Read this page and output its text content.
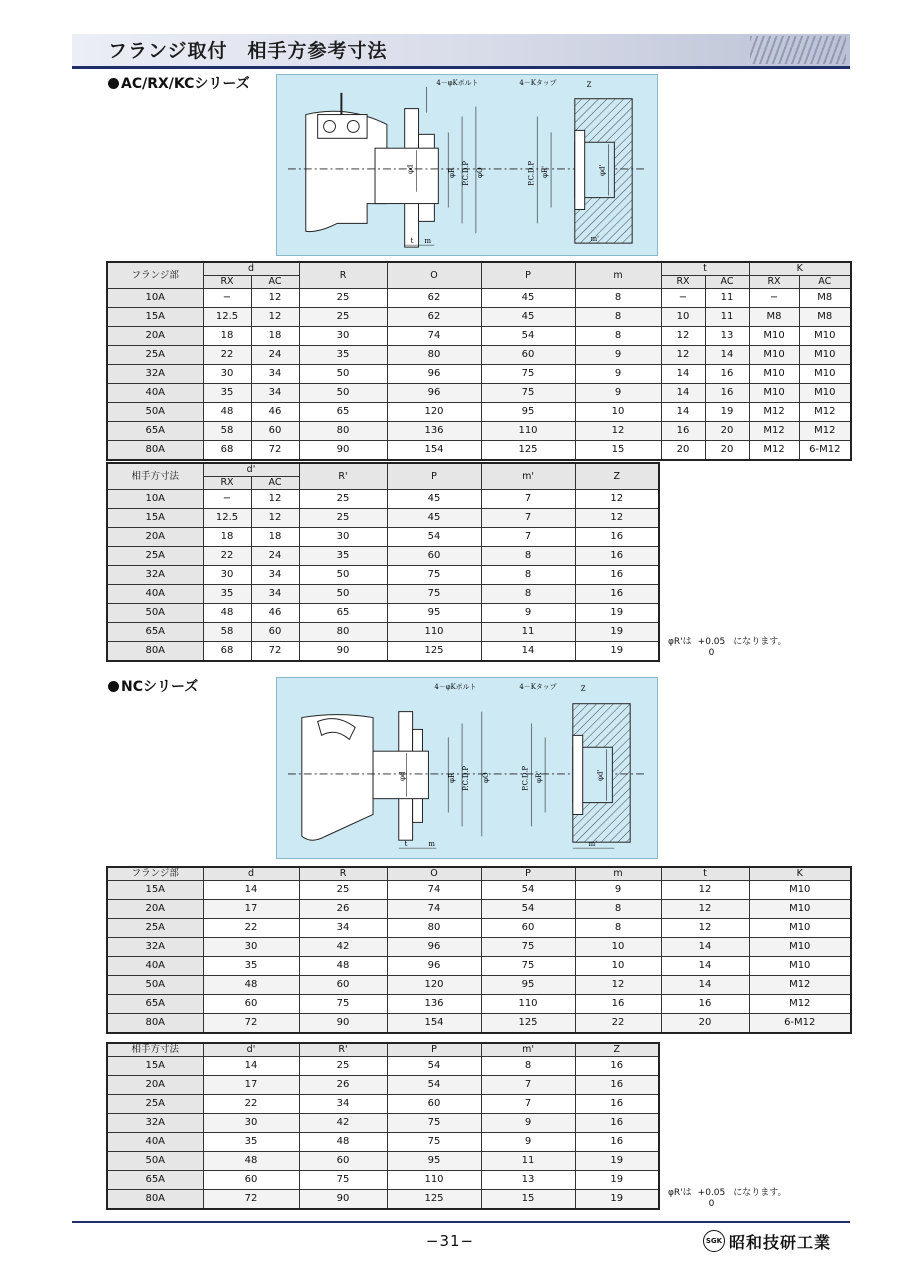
フランジ取付　相手方参考寸法
AC/RX/KCシリーズ
t m
φd	φR P.C.D.P φO
4－φKボルト	4－Kタップ	Z
P.C.D.P φR'	φd'
m'
フランジ部	d		R	O	P	m	t		K	
	RX	AC					RX	AC	RX	AC
10A	−	12	25	62	45	8	−	11	−	M8
15A	12.5	12	25	62	45	8	10	11	M8	M8
20A	18	18	30	74	54	8	12	13	M10	M10
25A	22	24	35	80	60	9	12	14	M10	M10
32A	30	34	50	96	75	9	14	16	M10	M10
40A	35	34	50	96	75	9	14	16	M10	M10
50A	48	46	65	120	95	10	14	19	M12	M12
65A	58	60	80	136	110	12	16	20	M12	M12
80A	68	72	90	154	125	15	20	20	M12	6-M12
相手方寸法	d'		R'	P	m'	Z
	RX	AC				
10A	−	12	25	45	7	12
15A	12.5	12	25	45	7	12
20A	18	18	30	54	7	16
25A	22	24	35	60	8	16
32A	30	34	50	75	8	16
40A	35	34	50	75	8	16
50A	48	46	65	95	9	19
65A	58	60	80	110	11	19
80A	68	72	90	125	14	19
φR'は +0.05
0になります。
NCシリーズ
t	m
φd	φR P.C.D.P φO
4－φKボルト	4－Kタップ	Z
P.C.D.P φR'	φd'
m'
フランジ部	d	R	O	P	m	t	K
15A	14	25	74	54	9	12	M10
20A	17	26	74	54	8	12	M10
25A	22	34	80	60	8	12	M10
32A	30	42	96	75	10	14	M10
40A	35	48	96	75	10	14	M10
50A	48	60	120	95	12	14	M12
65A	60	75	136	110	16	16	M12
80A	72	90	154	125	22	20	6-M12
相手方寸法	d'	R'	P	m'	Z
15A	14	25	54	8	16
20A	17	26	54	7	16
25A	22	34	60	7	16
32A	30	42	75	9	16
40A	35	48	75	9	16
50A	48	60	95	11	19
65A	60	75	110	13	19
80A	72	90	125	15	19	φR'は +0.05
0になります。
−31−	SGK 昭和技研工業
